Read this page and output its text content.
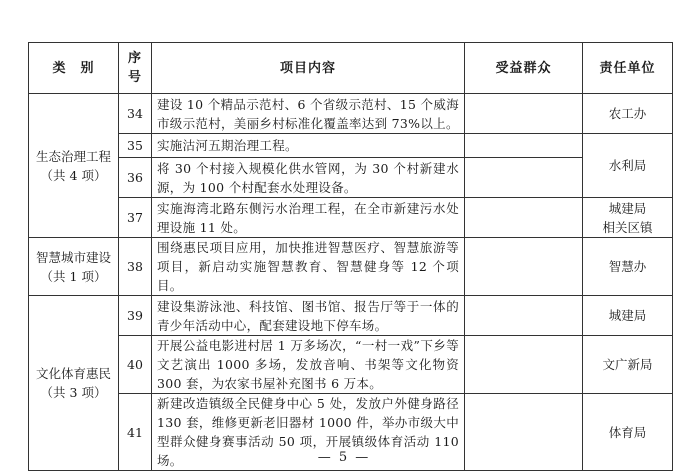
类　别	序号	项目内容	受益群众	责任单位

生态治理工程
（共 4 项）	34	建设 10 个精品示范村、6 个省级示范村、15 个威海市级示范村，美丽乡村标准化覆盖率达到 73%以上。		农工办
	35	实施沽河五期治理工程。		水利局
	36	将 30 个村接入规模化供水管网，为 30 个村新建水源，为 100 个村配套水处理设备。		
	37	实施海湾北路东侧污水治理工程，在全市新建污水处理设施 11 处。		城建局
相关区镇

智慧城市建设
（共 1 项）	38	围绕惠民项目应用，加快推进智慧医疗、智慧旅游等项目，新启动实施智慧教育、智慧健身等 12 个项目。		智慧办

文化体育惠民
（共 3 项）	39	建设集游泳池、科技馆、图书馆、报告厅等于一体的青少年活动中心，配套建设地下停车场。		城建局
	40	开展公益电影进村居 1 万多场次，“一村一戏”下乡等文艺演出 1000 多场，发放音响、书架等文化物资 300 套，为农家书屋补充图书 6 万本。		文广新局
	41	新建改造镇级全民健身中心 5 处，发放户外健身路径 130 套，维修更新老旧器材 1000 件，举办市级大中型群众健身赛事活动 50 项，开展镇级体育活动 110 场。		体育局
— 5 —
